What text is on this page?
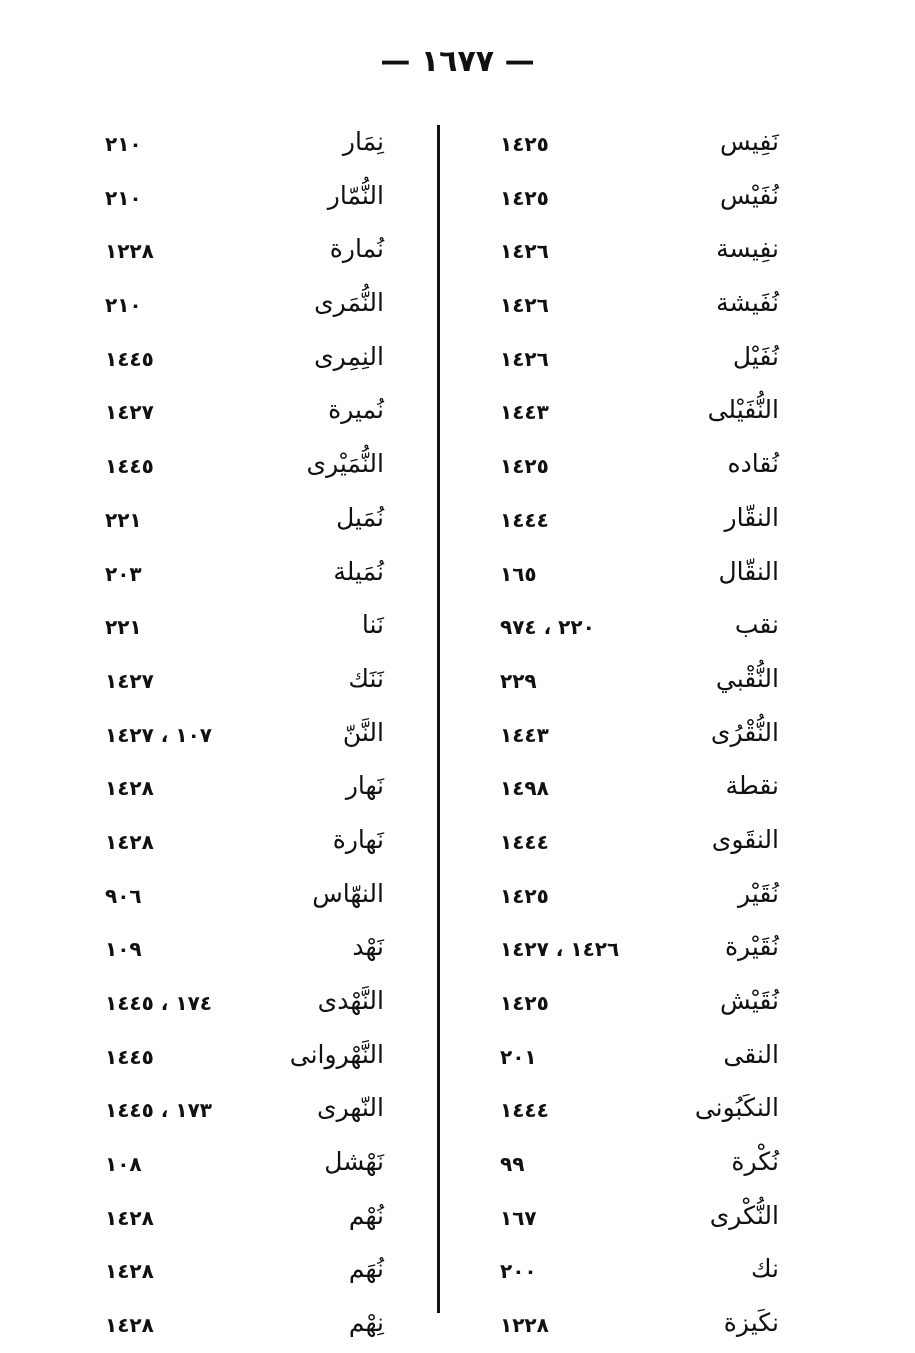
— ١٦٧٧ —
نَفِيس
١٤٢٥
نُفَيْس
١٤٢٥
نفِيسة
١٤٢٦
نُفَيشة
١٤٢٦
نُفَيْل
١٤٢٦
النُّفَيْلى
١٤٤٣
نُقاده
١٤٢٥
النقّار
١٤٤٤
النقّال
١٦٥
نقب
٢٢٠ ، ٩٧٤
النُّقْبي
٢٢٩
النُّقْرُى
١٤٤٣
نقطة
١٤٩٨
النقَوى
١٤٤٤
نُقَيْر
١٤٢٥
نُقَيْرة
١٤٢٦ ، ١٤٢٧
نُقَيْش
١٤٢٥
النقى
٢٠١
النكَبُونى
١٤٤٤
نُكْرة
٩٩
النُّكْرى
١٦٧
نك
٢٠٠
نكَيزة
١٢٢٨
نِمَار
٢١٠
النُّمّار
٢١٠
نُمارة
١٢٢٨
النُّمَرى
٢١٠
النِمِرى
١٤٤٥
نُميرة
١٤٢٧
النُّمَيْرى
١٤٤٥
نُمَيل
٢٢١
نُمَيلة
٢٠٣
نَنا
٢٢١
نَنَك
١٤٢٧
النَّنّ
١٠٧ ، ١٤٢٧
نَهار
١٤٢٨
نَهارة
١٤٢٨
النهّاس
٩٠٦
نَهْد
١٠٩
النَّهْدى
١٧٤ ، ١٤٤٥
النَّهْروانى
١٤٤٥
النّهرى
١٧٣ ، ١٤٤٥
نَهْشل
١٠٨
نُهْم
١٤٢٨
نُهَم
١٤٢٨
نِهْم
١٤٢٨
